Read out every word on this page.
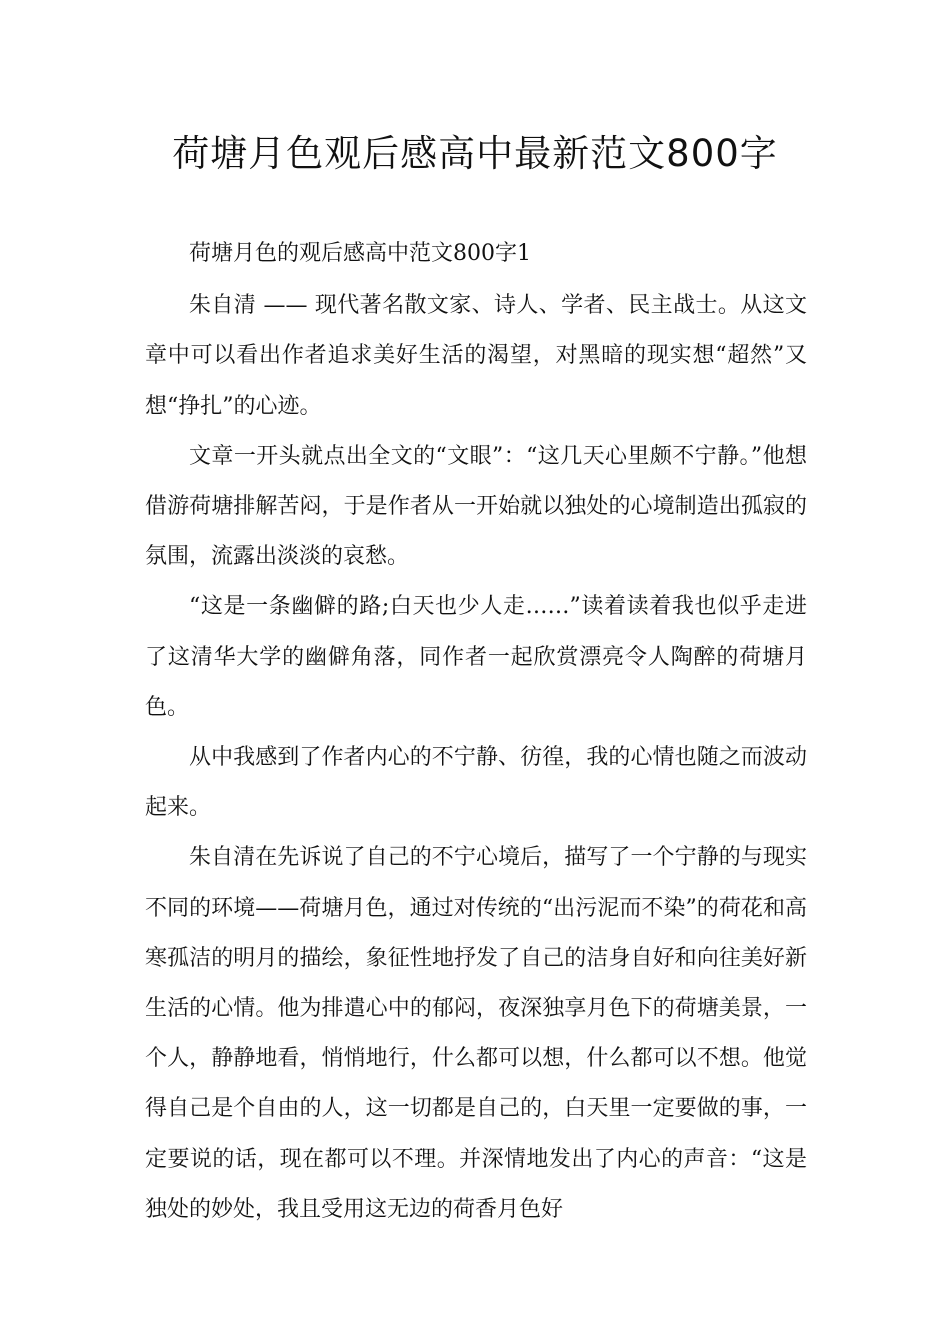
荷塘月色观后感高中最新范文800字

荷塘月色的观后感高中范文800字1

朱自清 —— 现代著名散文家、诗人、学者、民主战士。从这文章中可以看出作者追求美好生活的渴望，对黑暗的现实想“超然”又想“挣扎”的心迹。

文章一开头就点出全文的“文眼”：“这几天心里颇不宁静。”他想借游荷塘排解苦闷，于是作者从一开始就以独处的心境制造出孤寂的氛围，流露出淡淡的哀愁。

“这是一条幽僻的路;白天也少人走……”读着读着我也似乎走进了这清华大学的幽僻角落，同作者一起欣赏漂亮令人陶醉的荷塘月色。

从中我感到了作者内心的不宁静、彷徨，我的心情也随之而波动起来。

朱自清在先诉说了自己的不宁心境后，描写了一个宁静的与现实不同的环境——荷塘月色，通过对传统的“出污泥而不染”的荷花和高寒孤洁的明月的描绘，象征性地抒发了自己的洁身自好和向往美好新生活的心情。他为排遣心中的郁闷，夜深独享月色下的荷塘美景，一个人，静静地看，悄悄地行，什么都可以想，什么都可以不想。他觉得自己是个自由的人，这一切都是自己的，白天里一定要做的事，一定要说的话，现在都可以不理。并深情地发出了内心的声音：“这是独处的妙处，我且受用这无边的荷香月色好
